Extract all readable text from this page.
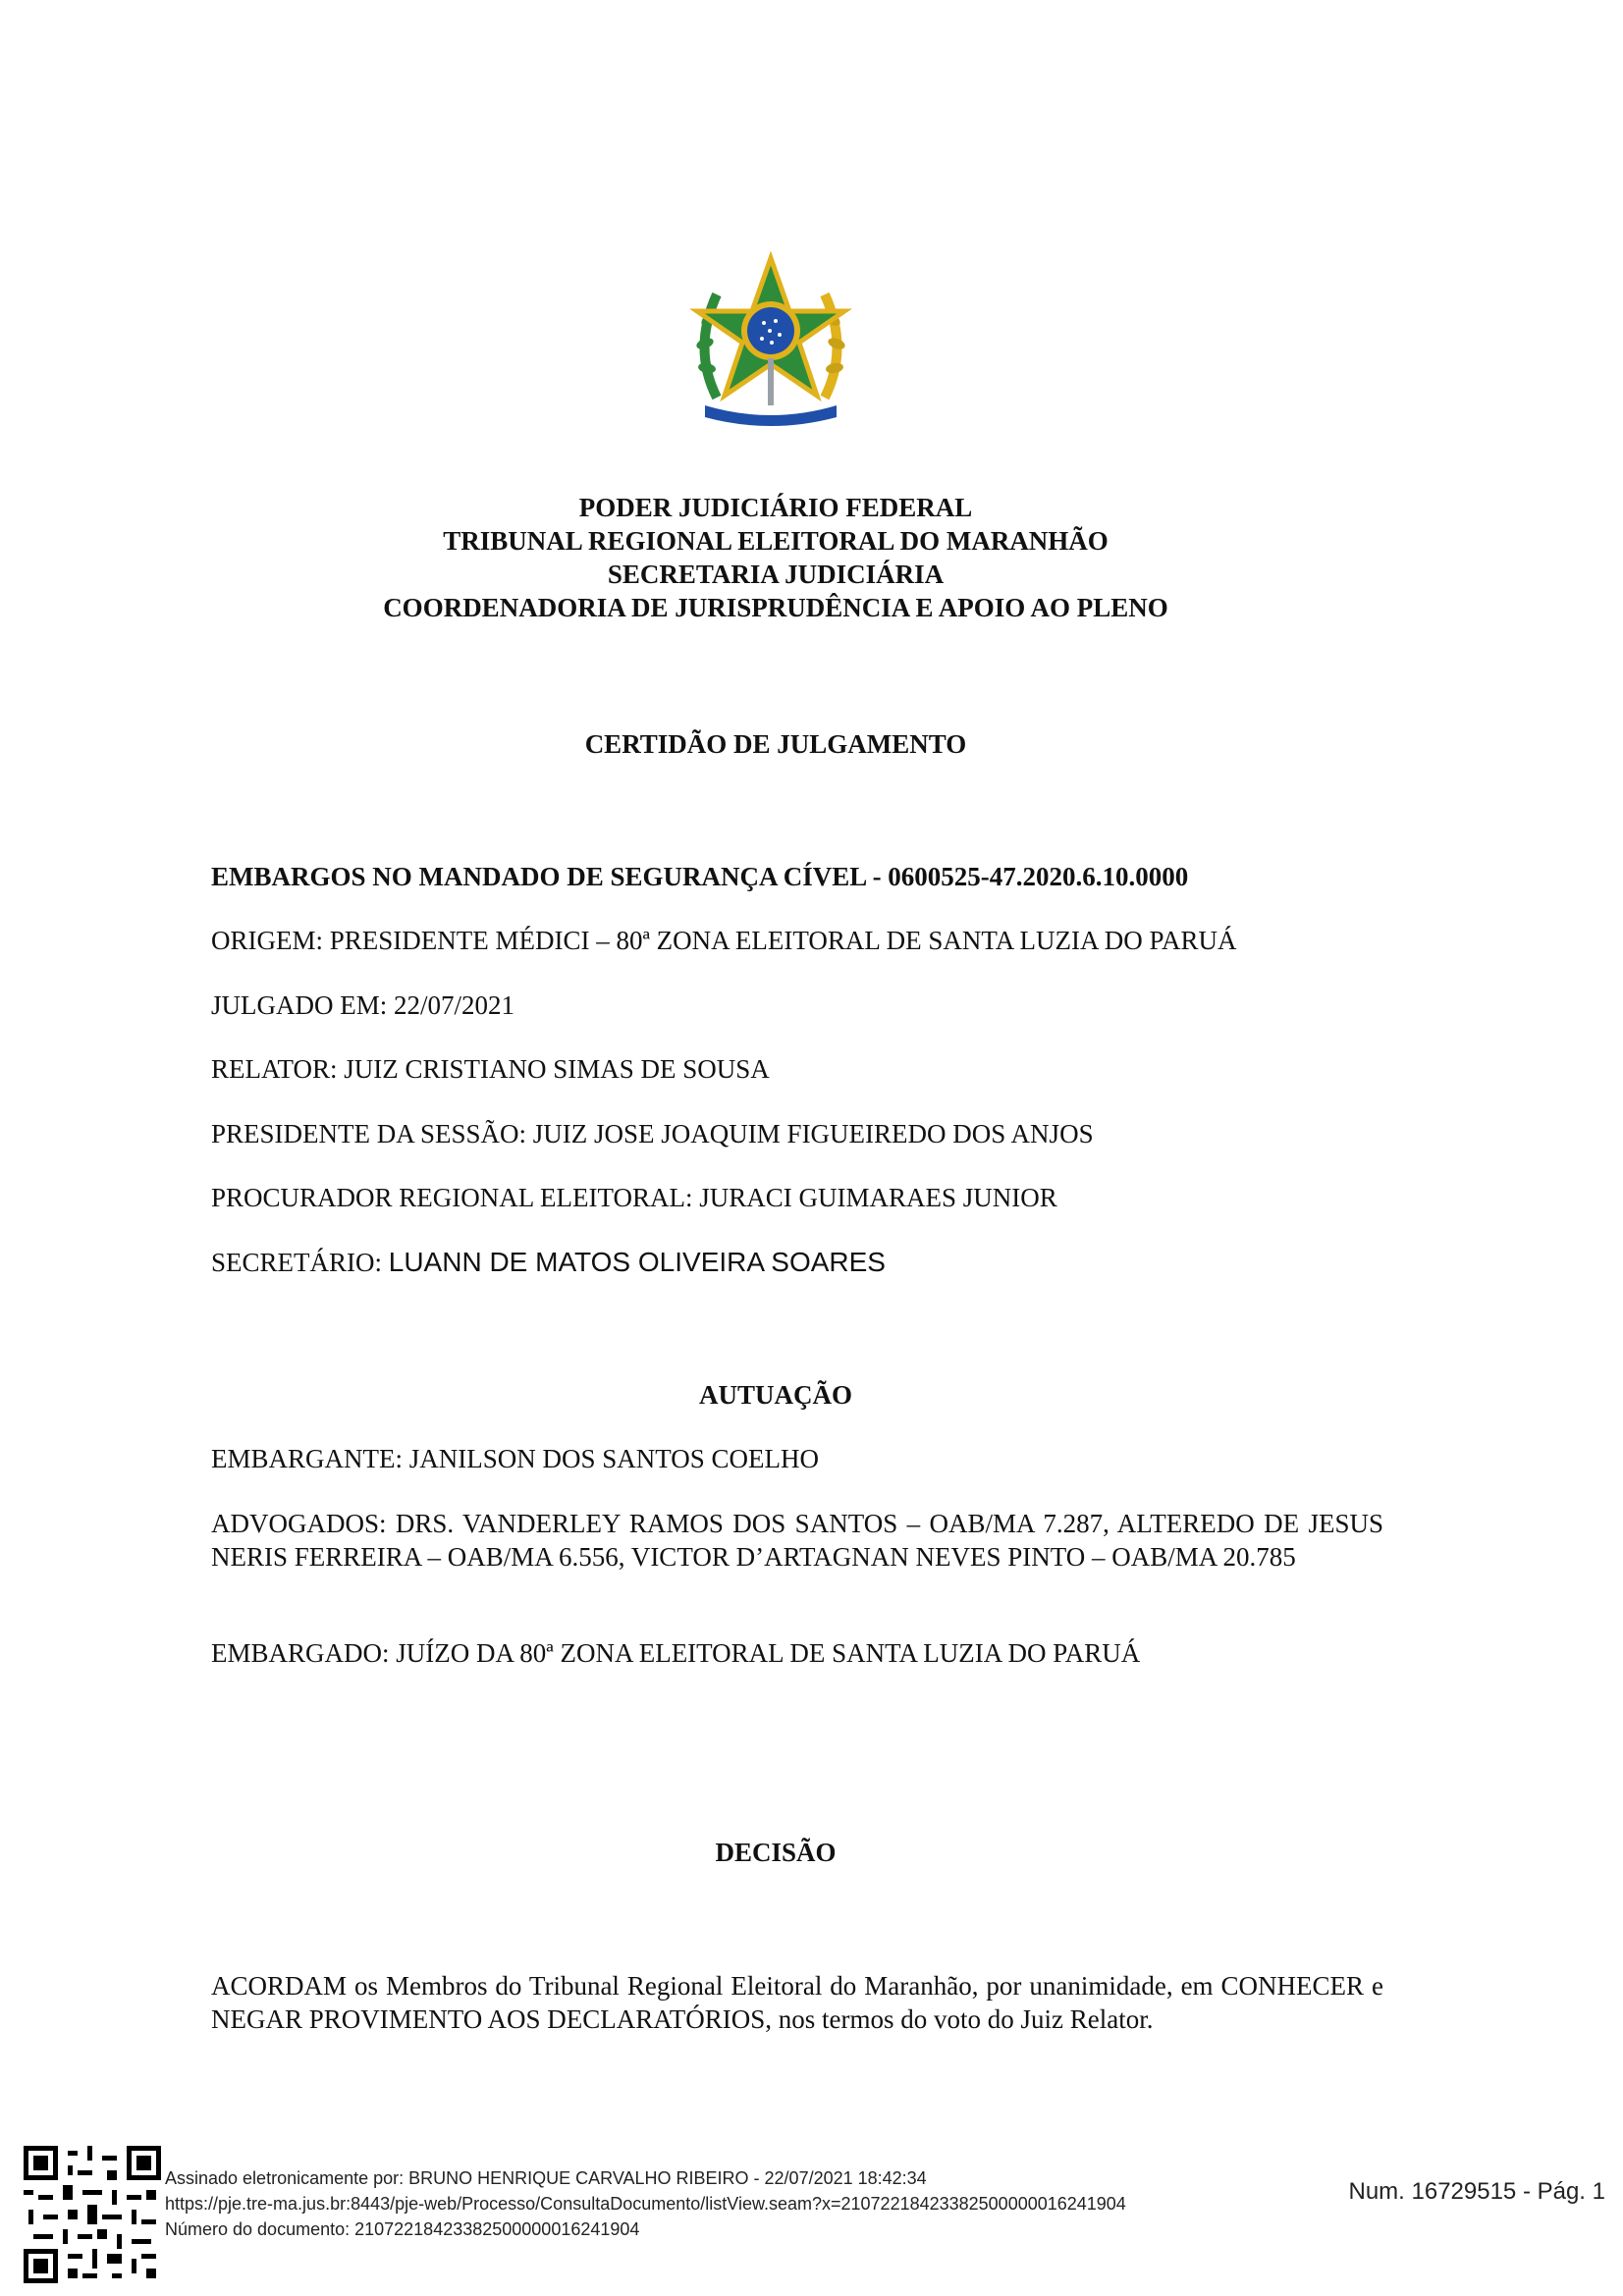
PODER JUDICIÁRIO FEDERAL
TRIBUNAL REGIONAL ELEITORAL DO MARANHÃO
SECRETARIA JUDICIÁRIA
COORDENADORIA DE JURISPRUDÊNCIA E APOIO AO PLENO
CERTIDÃO DE JULGAMENTO
EMBARGOS NO MANDADO DE SEGURANÇA CÍVEL - 0600525-47.2020.6.10.0000
ORIGEM: PRESIDENTE MÉDICI – 80ª ZONA ELEITORAL DE SANTA LUZIA DO PARUÁ
JULGADO EM: 22/07/2021
RELATOR: JUIZ CRISTIANO SIMAS DE SOUSA
PRESIDENTE DA SESSÃO: JUIZ JOSE JOAQUIM FIGUEIREDO DOS ANJOS
PROCURADOR REGIONAL ELEITORAL: JURACI GUIMARAES JUNIOR
SECRETÁRIO: LUANN DE MATOS OLIVEIRA SOARES
AUTUAÇÃO
EMBARGANTE: JANILSON DOS SANTOS COELHO
ADVOGADOS: DRS. VANDERLEY RAMOS DOS SANTOS – OAB/MA 7.287, ALTEREDO DE JESUS NERIS FERREIRA – OAB/MA 6.556, VICTOR D’ARTAGNAN NEVES PINTO – OAB/MA 20.785
EMBARGADO: JUÍZO DA 80ª ZONA ELEITORAL DE SANTA LUZIA DO PARUÁ
DECISÃO
ACORDAM os Membros do Tribunal Regional Eleitoral do Maranhão, por unanimidade, em CONHECER e NEGAR PROVIMENTO AOS DECLARATÓRIOS, nos termos do voto do Juiz Relator.
Assinado eletronicamente por: BRUNO HENRIQUE CARVALHO RIBEIRO - 22/07/2021 18:42:34
https://pje.tre-ma.jus.br:8443/pje-web/Processo/ConsultaDocumento/listView.seam?x=21072218423382500000016241904
Número do documento: 21072218423382500000016241904
Num. 16729515 - Pág. 1
